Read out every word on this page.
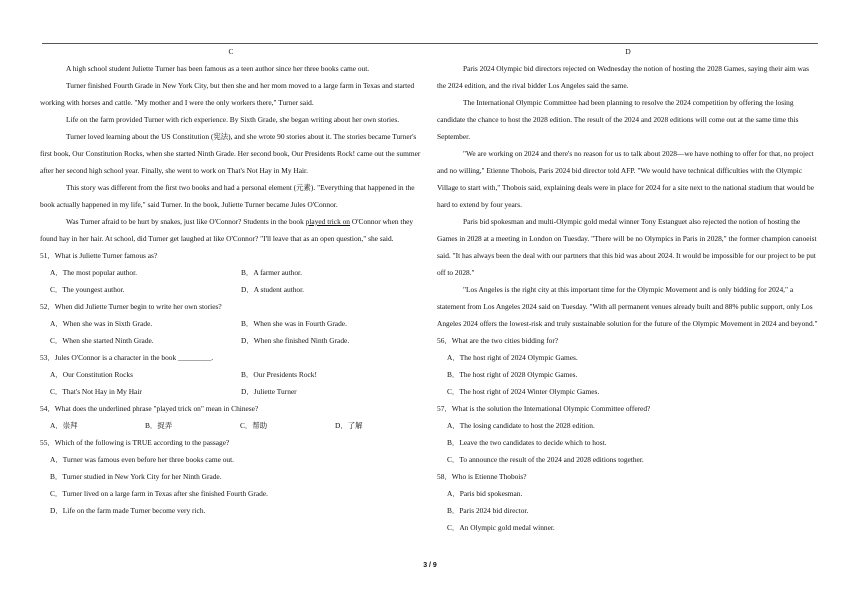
C

A high school student Juliette Turner has been famous as a teen author since her three books came out.

Turner finished Fourth Grade in New York City, but then she and her mom moved to a large farm in Texas and started working with horses and cattle. "My mother and I were the only workers there," Turner said.

Life on the farm provided Turner with rich experience. By Sixth Grade, she began writing about her own stories.

Turner loved learning about the US Constitution (宪法), and she wrote 90 stories about it. The stories became Turner's first book, Our Constitution Rocks, when she started Ninth Grade. Her second book, Our Presidents Rock! came out the summer after her second high school year. Finally, she went to work on That's Not Hay in My Hair.

This story was different from the first two books and had a personal element (元素). "Everything that happened in the book actually happened in my life," said Turner. In the book, Juliette Turner became Jules O'Connor.

Was Turner afraid to be hurt by snakes, just like O'Connor? Students in the book played trick on O'Connor when they found hay in her hair. At school, did Turner get laughed at like O'Connor? "I'll leave that as an open question," she said.

51．What is Juliette Turner famous as?

A．The most popular author.	B．A farmer author.
C．The youngest author.	D．A student author.

52．When did Juliette Turner begin to write her own stories?

A．When she was in Sixth Grade.	B．When she was in Fourth Grade.
C．When she started Ninth Grade.	D．When she finished Ninth Grade.

53．Jules O'Connor is a character in the book _________.

A．Our Constitution Rocks	B．Our Presidents Rock!
C．That's Not Hay in My Hair	D．Juliette Turner

54．What does the underlined phrase "played trick on" mean in Chinese?

A．崇拜	B．捉弄	C．帮助	D．了解

55．Which of the following is TRUE according to the passage?

A．Turner was famous even before her three books came out.

B．Turner studied in New York City for her Ninth Grade.

C．Turner lived on a large farm in Texas after she finished Fourth Grade.

D．Life on the farm made Turner become very rich.

D

Paris 2024 Olympic bid directors rejected on Wednesday the notion of hosting the 2028 Games, saying their aim was the 2024 edition, and the rival bidder Los Angeles said the same.

The International Olympic Committee had been planning to resolve the 2024 competition by offering the losing candidate the chance to host the 2028 edition. The result of the 2024 and 2028 editions will come out at the same time this September.

"We are working on 2024 and there's no reason for us to talk about 2028—we have nothing to offer for that, no project and no willing," Etienne Thobois, Paris 2024 bid director told AFP. "We would have technical difficulties with the Olympic Village to start with," Thobois said, explaining deals were in place for 2024 for a site next to the national stadium that would be hard to extend by four years.

Paris bid spokesman and multi-Olympic gold medal winner Tony Estanguet also rejected the notion of hosting the Games in 2028 at a meeting in London on Tuesday. "There will be no Olympics in Paris in 2028," the former champion canoeist said. "It has always been the deal with our partners that this bid was about 2024. It would be impossible for our project to be put off to 2028."

"Los Angeles is the right city at this important time for the Olympic Movement and is only bidding for 2024," a statement from Los Angeles 2024 said on Tuesday. "With all permanent venues already built and 88% public support, only Los Angeles 2024 offers the lowest-risk and truly sustainable solution for the future of the Olympic Movement in 2024 and beyond."

56．What are the two cities bidding for?

A．The host right of 2024 Olympic Games.

B．The host right of 2028 Olympic Games.

C．The host right of 2024 Winter Olympic Games.

57．What is the solution the International Olympic Committee offered?

A．The losing candidate to host the 2028 edition.

B．Leave the two candidates to decide which to host.

C．To announce the result of the 2024 and 2028 editions together.

58．Who is Etienne Thobois?

A．Paris bid spokesman.

B．Paris 2024 bid director.

C．An Olympic gold medal winner.

3 / 9
